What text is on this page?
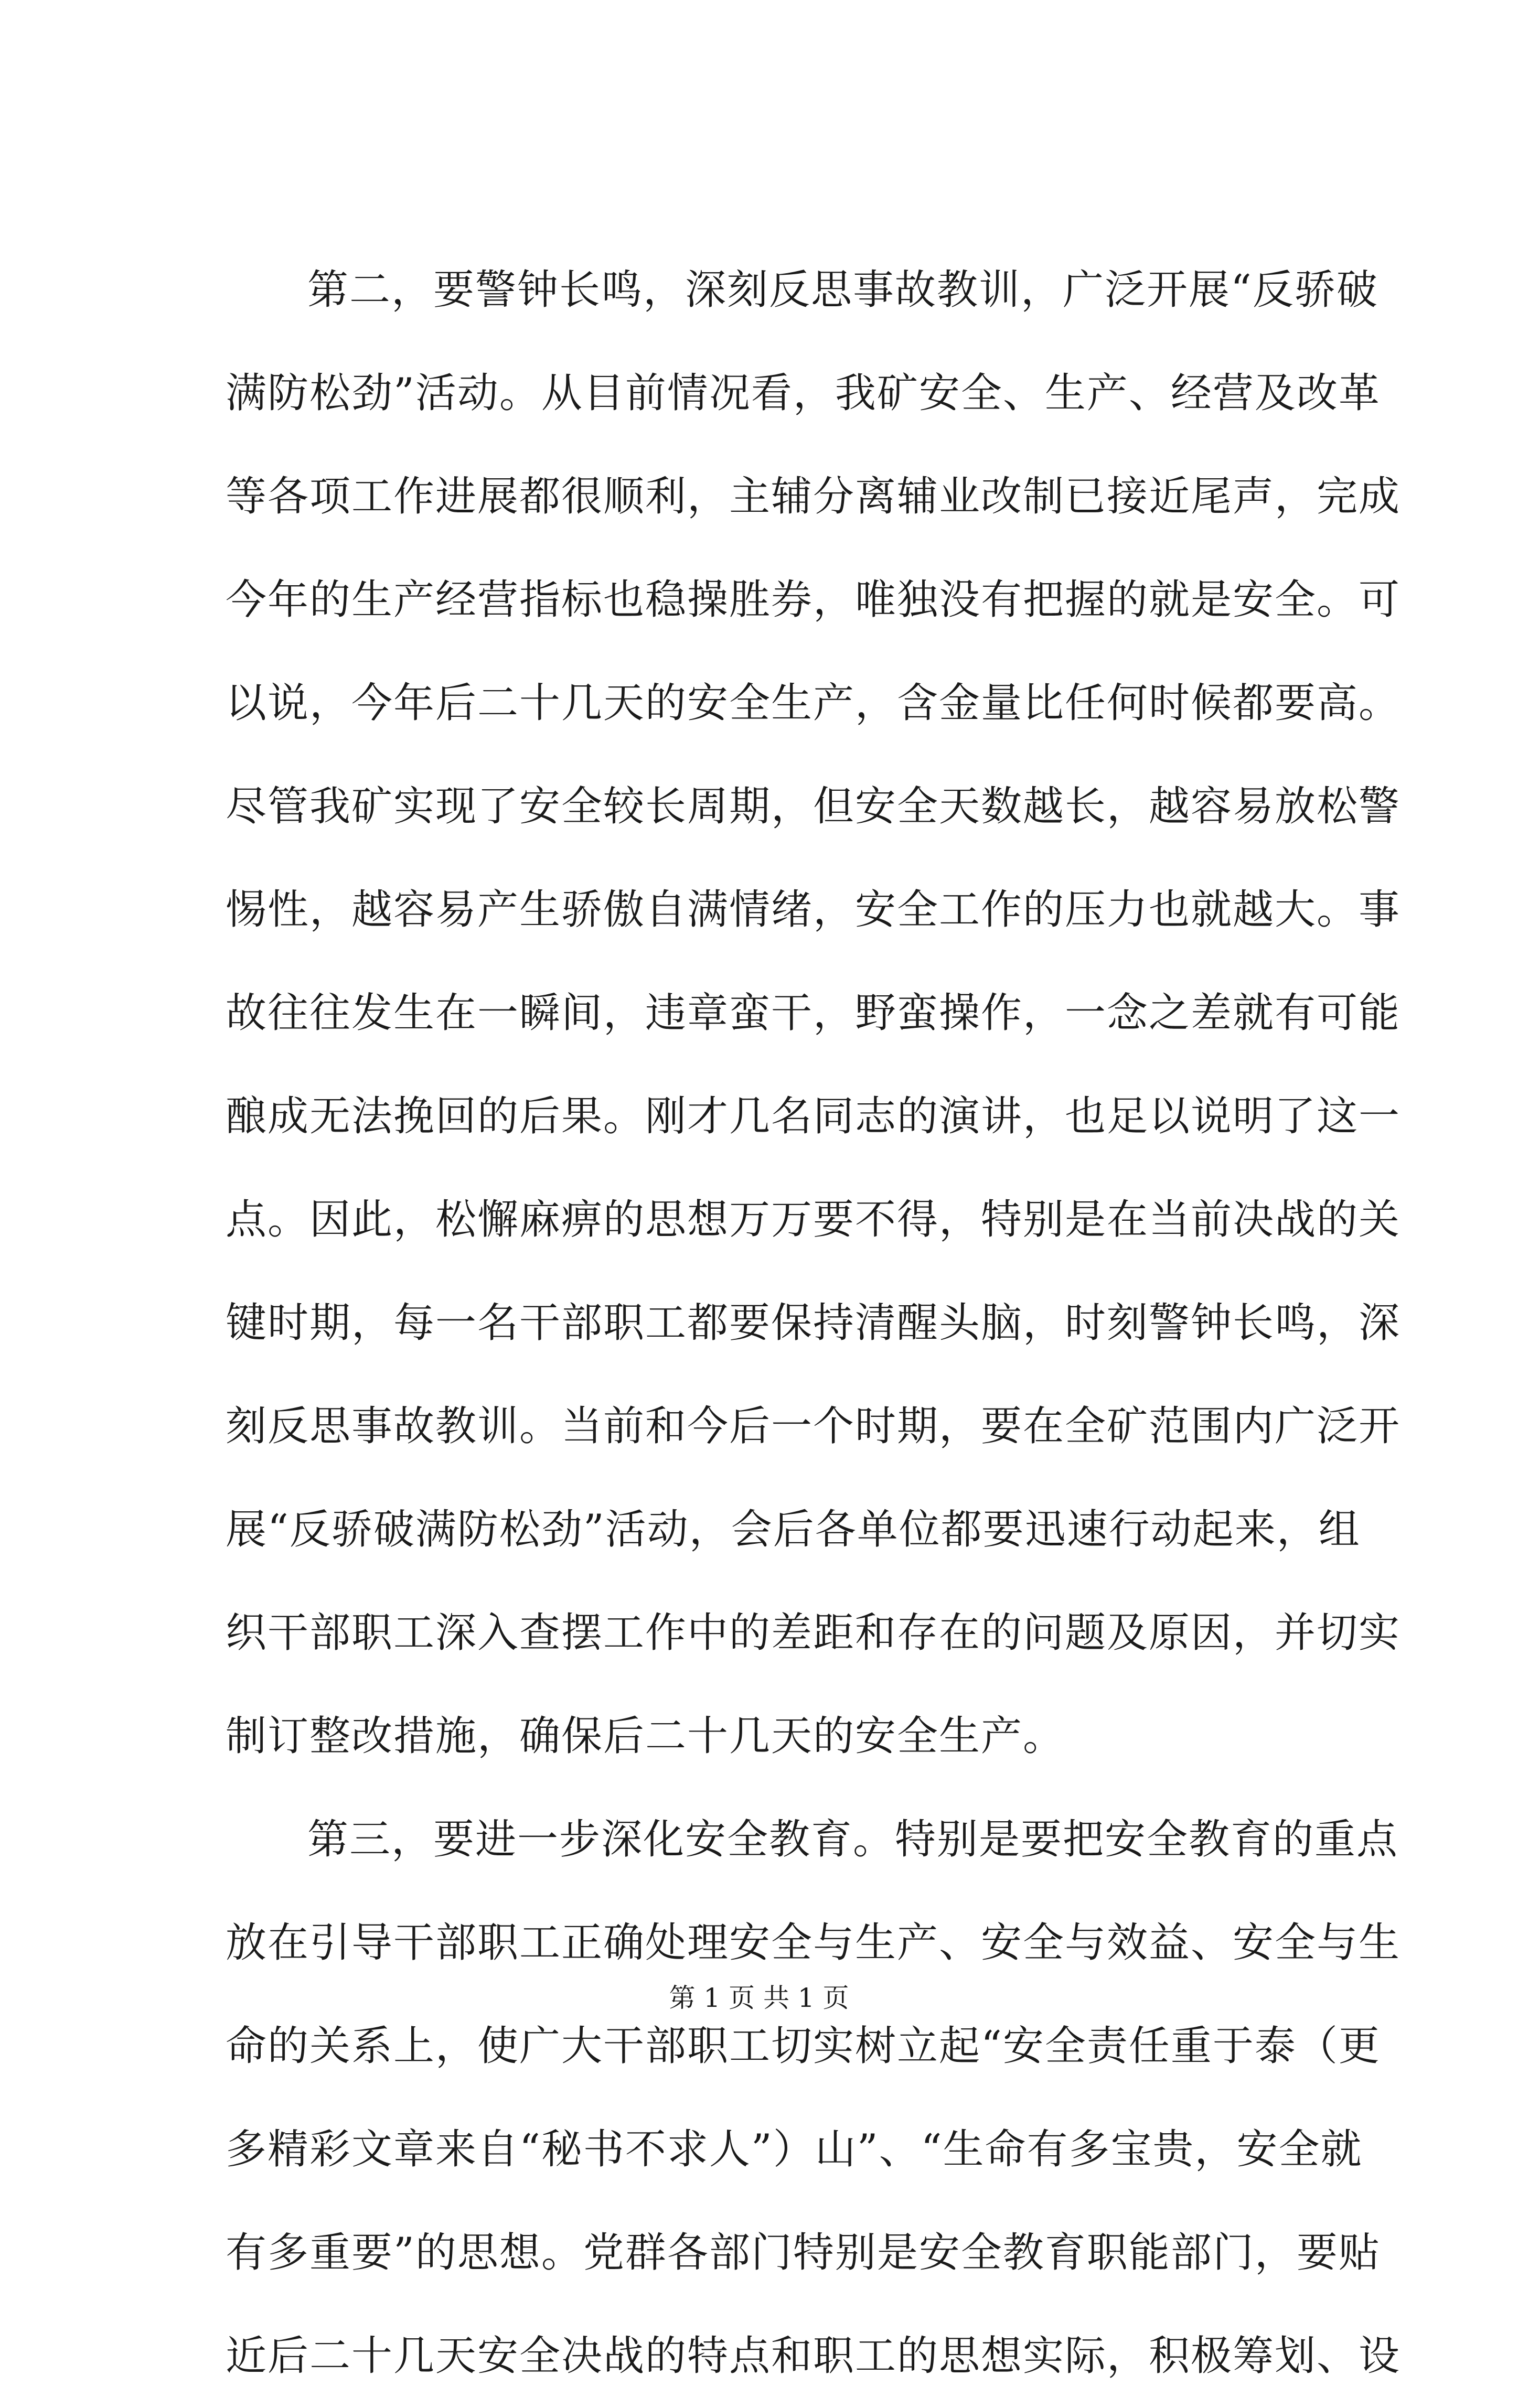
第二，要警钟长鸣，深刻反思事故教训，广泛开展“反骄破
满防松劲”活动。从目前情况看，我矿安全、生产、经营及改革
等各项工作进展都很顺利，主辅分离辅业改制已接近尾声，完成
今年的生产经营指标也稳操胜券，唯独没有把握的就是安全。可
以说，今年后二十几天的安全生产，含金量比任何时候都要高。
尽管我矿实现了安全较长周期，但安全天数越长，越容易放松警
惕性，越容易产生骄傲自满情绪，安全工作的压力也就越大。事
故往往发生在一瞬间，违章蛮干，野蛮操作，一念之差就有可能
酿成无法挽回的后果。刚才几名同志的演讲，也足以说明了这一
点。因此，松懈麻痹的思想万万要不得，特别是在当前决战的关
键时期，每一名干部职工都要保持清醒头脑，时刻警钟长鸣，深
刻反思事故教训。当前和今后一个时期，要在全矿范围内广泛开
展“反骄破满防松劲”活动，会后各单位都要迅速行动起来，组
织干部职工深入查摆工作中的差距和存在的问题及原因，并切实
制订整改措施，确保后二十几天的安全生产。
第三，要进一步深化安全教育。特别是要把安全教育的重点
放在引导干部职工正确处理安全与生产、安全与效益、安全与生
命的关系上，使广大干部职工切实树立起“安全责任重于泰（更
多精彩文章来自“秘书不求人”）山”、“生命有多宝贵，安全就
有多重要”的思想。党群各部门特别是安全教育职能部门，要贴
近后二十几天安全决战的特点和职工的思想实际，积极筹划、设
第 1 页 共 1 页
